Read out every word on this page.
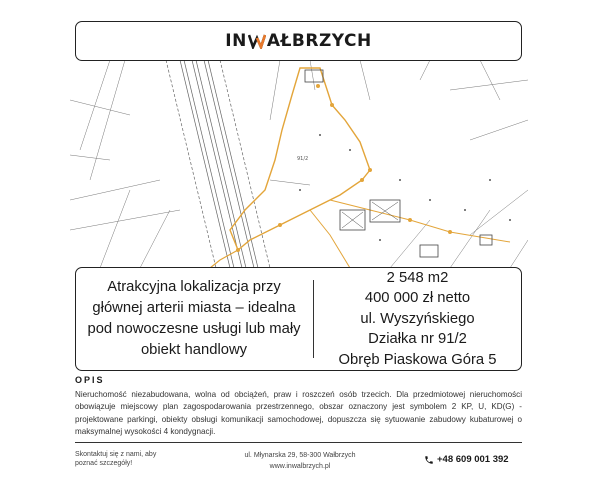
IN AŁBRZYCH
91/2
Atrakcyjna lokalizacja przy głównej arterii miasta – idealna pod nowoczesne usługi lub mały obiekt handlowy
2 548 m2
400 000 zł netto
ul. Wyszyńskiego
Działka nr 91/2
Obręb Piaskowa Góra 5
OPIS
Nieruchomość niezabudowana, wolna od obciążeń, praw i roszczeń osób trzecich. Dla przedmiotowej nieruchomości obowiązuje miejscowy plan zagospodarowania przestrzennego, obszar oznaczony jest symbolem 2 KP, U, KD(G) - projektowane parkingi, obiekty obsługi komunikacji samochodowej, dopuszcza się sytuowanie zabudowy kubaturowej o maksymalnej wysokości 4 kondygnacji.
Skontaktuj się z nami, aby
poznać szczegóły!
ul. Młynarska 29, 58-300 Wałbrzych
www.inwalbrzych.pl
+48 609 001 392
